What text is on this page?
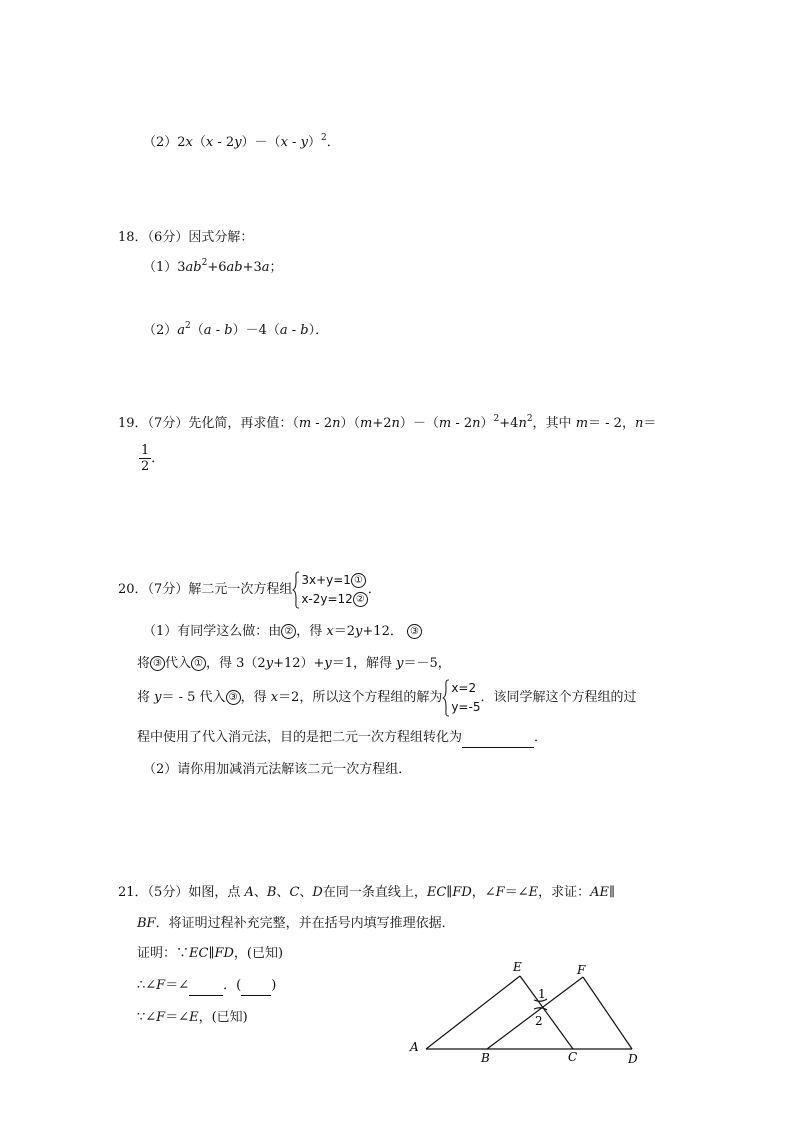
（2）2x（x - 2y）－（x - y）$^2$．
18．（6分）因式分解：
$(1)3ab^2+6ab+3a$；
$(2)a^2(a - b)-4(a - b)$．
19．（7分）先化简，再求值：$(m - 2n)(m+2n)-(m - 2n)^2+4n^2$，其中 m＝ - 2，n＝
$\frac{1}{2}$ ．
20．（7分）解二元一次方程组
3x+y=1 ①
x-2y=12 ②
．
（1）有同学这么做：由 ② ，得 x＝2y+12． ③
将 ③ 代入 ① ，得 3（2y+12）+y＝1，解得 y＝－5，
将 y＝ - 5 代入 ③ ，得 x＝2，所以这个方程组的解为
x=2
y=-5
．该同学解这个方程组的过
程中使用了代入消元法，目的是把二元一次方程组转化为	．
（2）请你用加减消元法解该二元一次方程组．
21．（5分）如图，点 A、B、C、D在同一条直线上，EC∥FD，∠F＝∠E，求证：AE∥
BF．将证明过程补充完整，并在括号内填写推理依据．
证明：∵EC∥FD，(已知)
∴∠F＝∠	．( )
∵∠F＝∠E，(已知)
E	F
A
B	C	D
1
2
